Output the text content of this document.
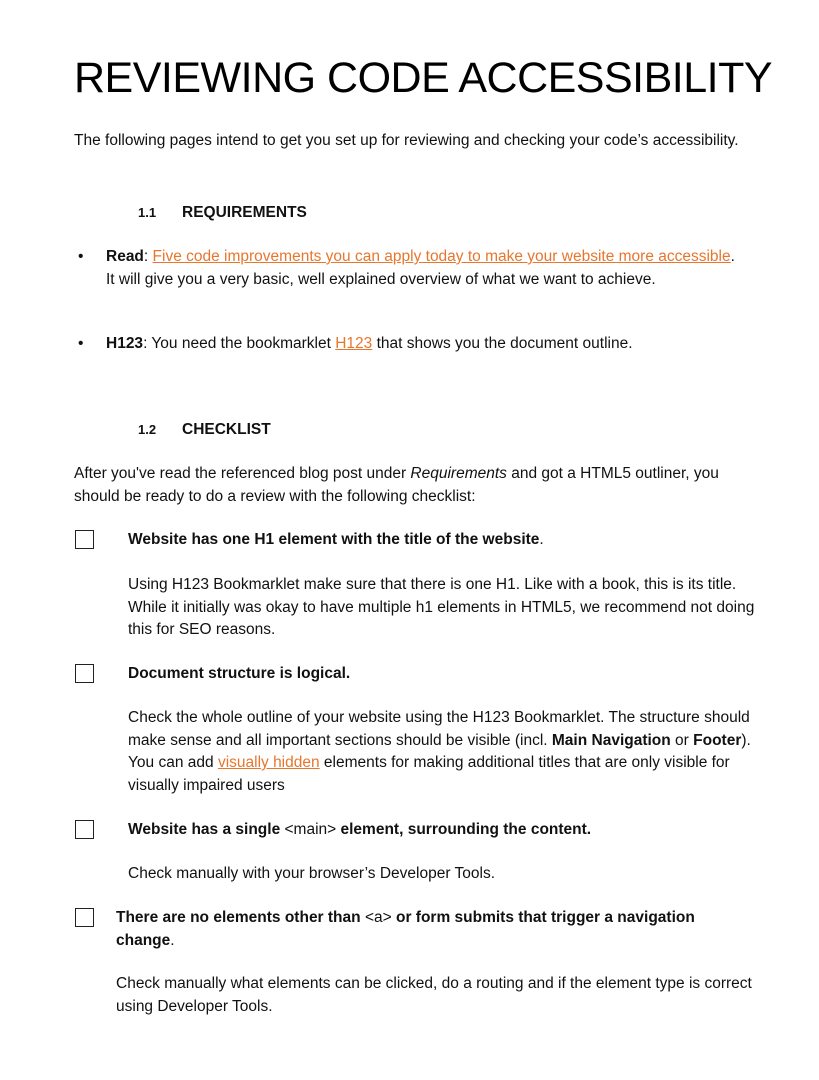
REVIEWING CODE ACCESSIBILITY

The following pages intend to get you set up for reviewing and checking your code’s accessibility.

1.1 REQUIREMENTS
• Read: Five code improvements you can apply today to make your website more accessible. It will give you a very basic, well explained overview of what we want to achieve.

• H123: You need the bookmarklet H123 that shows you the document outline.

1.2 CHECKLIST

After you've read the referenced blog post under Requirements and got a HTML5 outliner, you should be ready to do a review with the following checklist:

Website has one H1 element with the title of the website.

Using H123 Bookmarklet make sure that there is one H1. Like with a book, this is its title. While it initially was okay to have multiple h1 elements in HTML5, we recommend not doing this for SEO reasons.

Document structure is logical.

Check the whole outline of your website using the H123 Bookmarklet. The structure should make sense and all important sections should be visible (incl. Main Navigation or Footer). You can add visually hidden elements for making additional titles that are only visible for visually impaired users

Website has a single <main> element, surrounding the content.

Check manually with your browser’s Developer Tools.

There are no elements other than <a> or form submits that trigger a navigation change.

Check manually what elements can be clicked, do a routing and if the element type is correct using Developer Tools.
